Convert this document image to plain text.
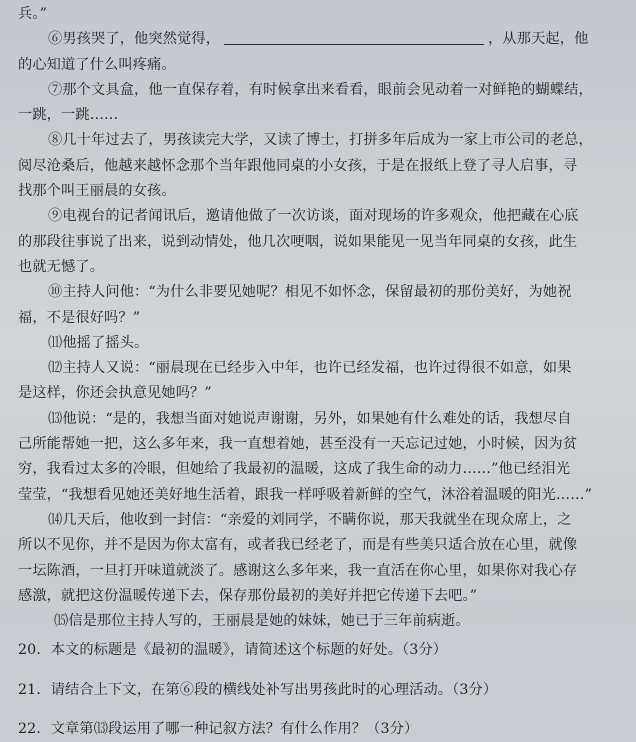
兵。”
⑥男孩哭了，他突然觉得，	，从那天起，他
的心知道了什么叫疼痛。
⑦那个文具盒，他一直保存着，有时候拿出来看看，眼前会见动着一对鲜艳的蝴蝶结，
一跳，一跳……
⑧几十年过去了，男孩读完大学，又读了博士，打拼多年后成为一家上市公司的老总，
阅尽沧桑后，他越来越怀念那个当年跟他同桌的小女孩，于是在报纸上登了寻人启事，寻
找那个叫王丽晨的女孩。
⑨电视台的记者闻讯后，邀请他做了一次访谈，面对现场的许多观众，他把藏在心底
的那段往事说了出来，说到动情处，他几次哽咽，说如果能见一见当年同桌的女孩，此生
也就无憾了。
⑩主持人问他：“为什么非要见她呢？相见不如怀念，保留最初的那份美好，为她祝
福，不是很好吗？”
⑾他摇了摇头。
⑿主持人又说：“丽晨现在已经步入中年，也许已经发福，也许过得很不如意，如果
是这样，你还会执意见她吗？”
⒀他说：“是的，我想当面对她说声谢谢，另外，如果她有什么难处的话，我想尽自
己所能帮她一把，这么多年来，我一直想着她，甚至没有一天忘记过她，小时候，因为贫
穷，我看过太多的冷眼，但她给了我最初的温暖，这成了我生命的动力……”他已经泪光
莹莹，“我想看见她还美好地生活着，跟我一样呼吸着新鲜的空气，沐浴着温暖的阳光……”
⒁几天后，他收到一封信：“亲爱的刘同学，不瞒你说，那天我就坐在现众席上，之
所以不见你，并不是因为你太富有，或者我已经老了，而是有些美只适合放在心里，就像
一坛陈酒，一旦打开味道就淡了。感谢这么多年来，我一直活在你心里，如果你对我心存
感激，就把这份温暖传递下去，保存那份最初的美好并把它传递下去吧。”
⒂信是那位主持人写的，王丽晨是她的妹妹，她已于三年前病逝。
20．本文的标题是《最初的温暖》，请简述这个标题的好处。（3分）
21．请结合上下文，在第⑥段的横线处补写出男孩此时的心理活动。（3分）
22．文章第⒀段运用了哪一种记叙方法？有什么作用？（3分）
